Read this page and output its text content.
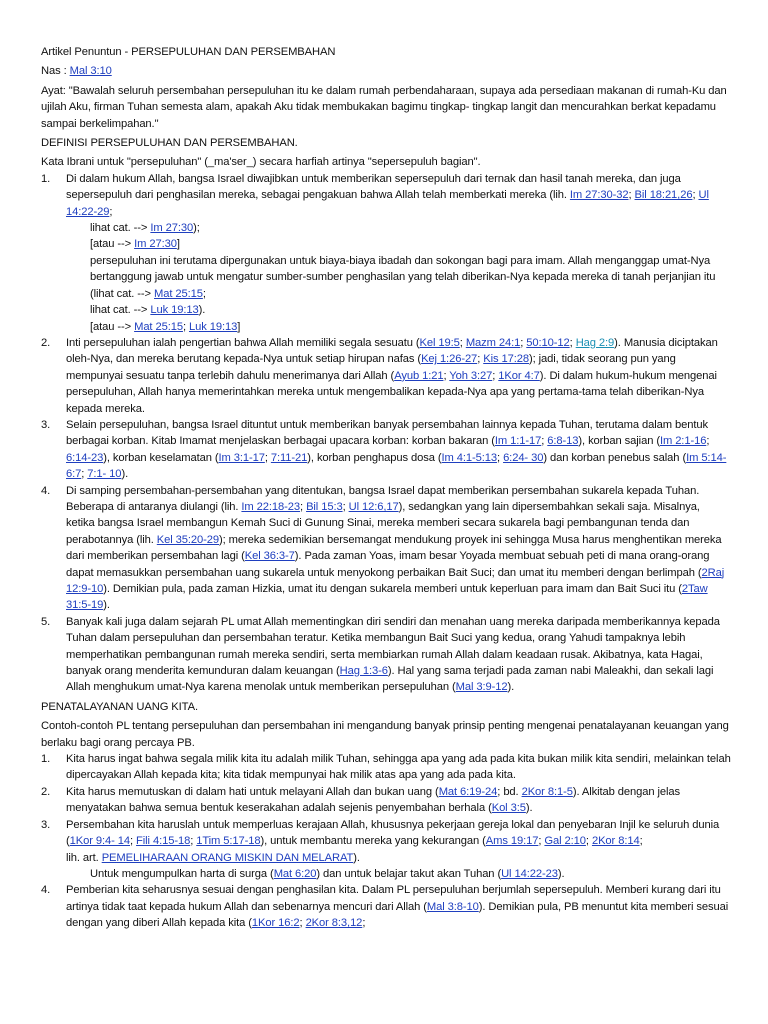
Artikel Penuntun - PERSEPULUHAN DAN PERSEMBAHAN

Nas : Mal 3:10

Ayat: "Bawalah seluruh persembahan persepuluhan itu ke dalam rumah perbendaharaan, supaya ada persediaan makanan di rumah-Ku dan ujilah Aku, firman Tuhan semesta alam, apakah Aku tidak membukakan bagimu tingkap- tingkap langit dan mencurahkan berkat kepadamu sampai berkelimpahan."

DEFINISI PERSEPULUHAN DAN PERSEMBAHAN.

Kata Ibrani untuk "persepuluhan" (_ma'ser_) secara harfiah artinya "sepersepuluh bagian".

1. Di dalam hukum Allah, bangsa Israel diwajibkan untuk memberikan sepersepuluh dari ternak dan hasil tanah mereka, dan juga sepersepuluh dari penghasilan mereka, sebagai pengakuan bahwa Allah telah memberkati mereka (lih. Im 27:30-32; Bil 18:21,26; Ul 14:22-29;

lihat cat. --> Im 27:30);

[atau --> Im 27:30]

persepuluhan ini terutama dipergunakan untuk biaya-biaya ibadah dan sokongan bagi para imam. Allah menganggap umat-Nya bertanggung jawab untuk mengatur sumber-sumber penghasilan yang telah diberikan-Nya kepada mereka di tanah perjanjian itu

(lihat cat. --> Mat 25:15;

lihat cat. --> Luk 19:13).

[atau --> Mat 25:15; Luk 19:13]

2. Inti persepuluhan ialah pengertian bahwa Allah memiliki segala sesuatu (Kel 19:5; Mazm 24:1; 50:10-12; Hag 2:9). Manusia diciptakan oleh-Nya, dan mereka berutang kepada-Nya untuk setiap hirupan nafas (Kej 1:26-27; Kis 17:28); jadi, tidak seorang pun yang mempunyai sesuatu tanpa terlebih dahulu menerimanya dari Allah (Ayub 1:21; Yoh 3:27; 1Kor 4:7). Di dalam hukum-hukum mengenai persepuluhan, Allah hanya memerintahkan mereka untuk mengembalikan kepada-Nya apa yang pertama-tama telah diberikan-Nya kepada mereka.

3. Selain persepuluhan, bangsa Israel dituntut untuk memberikan banyak persembahan lainnya kepada Tuhan, terutama dalam bentuk berbagai korban. Kitab Imamat menjelaskan berbagai upacara korban: korban bakaran (Im 1:1-17; 6:8-13), korban sajian (Im 2:1-16; 6:14-23), korban keselamatan (Im 3:1-17; 7:11-21), korban penghapus dosa (Im 4:1-5:13; 6:24- 30) dan korban penebus salah (Im 5:14-6:7; 7:1- 10).

4. Di samping persembahan-persembahan yang ditentukan, bangsa Israel dapat memberikan persembahan sukarela kepada Tuhan. Beberapa di antaranya diulangi (lih. Im 22:18-23; Bil 15:3; Ul 12:6,17), sedangkan yang lain dipersembahkan sekali saja. Misalnya, ketika bangsa Israel membangun Kemah Suci di Gunung Sinai, mereka memberi secara sukarela bagi pembangunan tenda dan perabotannya (lih. Kel 35:20-29); mereka sedemikian bersemangat mendukung proyek ini sehingga Musa harus menghentikan mereka dari memberikan persembahan lagi (Kel 36:3-7). Pada zaman Yoas, imam besar Yoyada membuat sebuah peti di mana orang-orang dapat memasukkan persembahan uang sukarela untuk menyokong perbaikan Bait Suci; dan umat itu memberi dengan berlimpah (2Raj 12:9-10). Demikian pula, pada zaman Hizkia, umat itu dengan sukarela memberi untuk keperluan para imam dan Bait Suci itu (2Taw 31:5-19).

5. Banyak kali juga dalam sejarah PL umat Allah mementingkan diri sendiri dan menahan uang mereka daripada memberikannya kepada Tuhan dalam persepuluhan dan persembahan teratur. Ketika membangun Bait Suci yang kedua, orang Yahudi tampaknya lebih memperhatikan pembangunan rumah mereka sendiri, serta membiarkan rumah Allah dalam keadaan rusak. Akibatnya, kata Hagai, banyak orang menderita kemunduran dalam keuangan (Hag 1:3-6). Hal yang sama terjadi pada zaman nabi Maleakhi, dan sekali lagi Allah menghukum umat-Nya karena menolak untuk memberikan persepuluhan (Mal 3:9-12).

PENATALAYANAN UANG KITA.

Contoh-contoh PL tentang persepuluhan dan persembahan ini mengandung banyak prinsip penting mengenai penatalayanan keuangan yang berlaku bagi orang percaya PB.

1. Kita harus ingat bahwa segala milik kita itu adalah milik Tuhan, sehingga apa yang ada pada kita bukan milik kita sendiri, melainkan telah dipercayakan Allah kepada kita; kita tidak mempunyai hak milik atas apa yang ada pada kita.

2. Kita harus memutuskan di dalam hati untuk melayani Allah dan bukan uang (Mat 6:19-24; bd. 2Kor 8:1-5). Alkitab dengan jelas menyatakan bahwa semua bentuk keserakahan adalah sejenis penyembahan berhala (Kol 3:5).

3. Persembahan kita haruslah untuk memperluas kerajaan Allah, khususnya pekerjaan gereja lokal dan penyebaran Injil ke seluruh dunia (1Kor 9:4- 14; Fili 4:15-18; 1Tim 5:17-18), untuk membantu mereka yang kekurangan (Ams 19:17; Gal 2:10; 2Kor 8:14;

lih. art. PEMELIHARAAN ORANG MISKIN DAN MELARAT).

Untuk mengumpulkan harta di surga (Mat 6:20) dan untuk belajar takut akan Tuhan (Ul 14:22-23).

4. Pemberian kita seharusnya sesuai dengan penghasilan kita. Dalam PL persepuluhan berjumlah sepersepuluh. Memberi kurang dari itu artinya tidak taat kepada hukum Allah dan sebenarnya mencuri dari Allah (Mal 3:8-10). Demikian pula, PB menuntut kita memberi sesuai dengan yang diberi Allah kepada kita (1Kor 16:2; 2Kor 8:3,12;
